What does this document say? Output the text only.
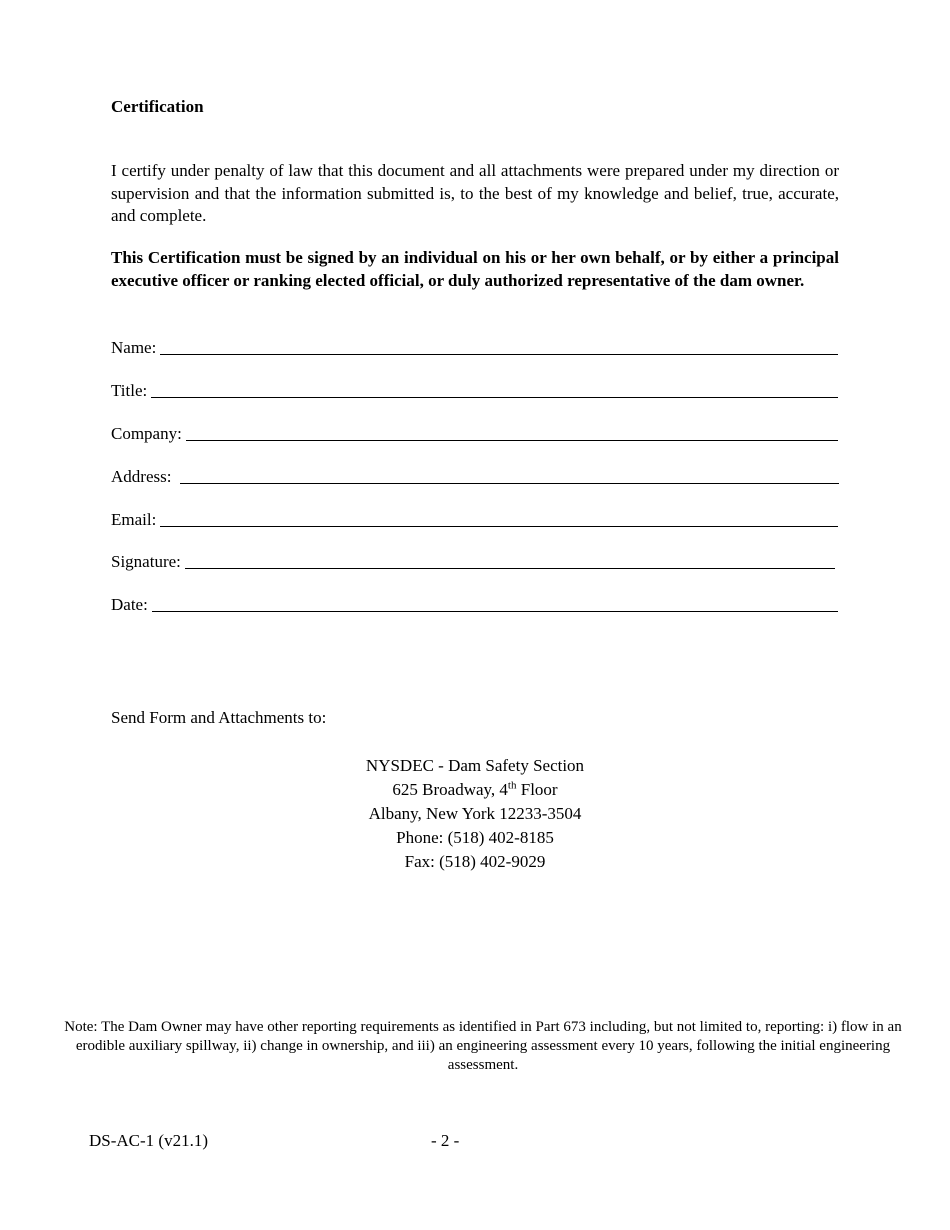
Certification

I certify under penalty of law that this document and all attachments were prepared under my direction or supervision and that the information submitted is, to the best of my knowledge and belief, true, accurate, and complete.

This Certification must be signed by an individual on his or her own behalf, or by either a principal executive officer or ranking elected official, or duly authorized representative of the dam owner.

Name:
Title:
Company:
Address:
Email:
Signature:
Date:

Send Form and Attachments to:

NYSDEC - Dam Safety Section
625 Broadway, 4th Floor
Albany, New York 12233-3504
Phone: (518) 402-8185
Fax: (518) 402-9029
Note: The Dam Owner may have other reporting requirements as identified in Part 673 including, but not limited to, reporting: i) flow in an erodible auxiliary spillway, ii) change in ownership, and iii) an engineering assessment every 10 years, following the initial engineering assessment.
DS-AC-1 (v21.1)	- 2 -
